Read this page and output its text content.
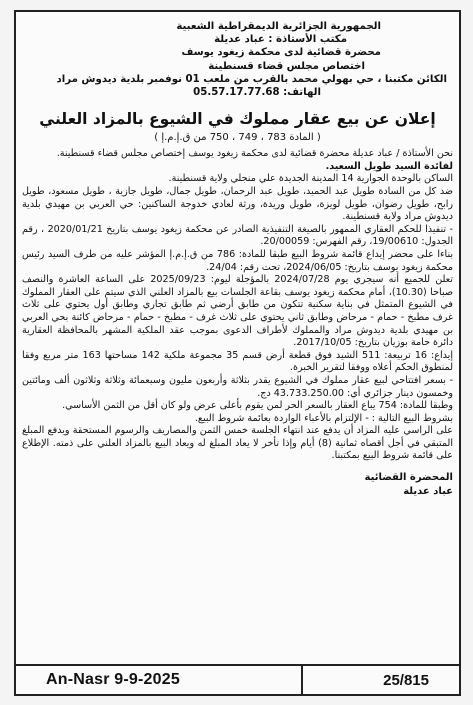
الجمهورية الجزائرية الديمقراطية الشعبية
مكتب الأستاذة : عباد عديلة
محضرة قضائية لدى محكمة زيغود يوسف
اختصاص مجلس قضاء قسنطينة
الكائن مكتبنا ، حي بهولي محمد بالقرب من ملعب 01 نوفمبر بلدية ديدوش مراد
الهاتف: 05.57.17.77.68
إعلان عن بيع عقار مملوك في الشيوع بالمزاد العلني
( المادة 783 ، 749 ، 750 من ق.إ.م.إ )

نحن الأستاذة / عباد عديلة محضرة قضائية لدى محكمة زيغود يوسف إختصاص مجلس قضاء قسنطينة.

لفائدة السيد طويل السعيد.

الساكن بالوحدة الجوارية 14 المدينة الجديدة علي منجلي ولاية قسنطينة.

ضد كل من السادة طويل عبد الحميد، طويل عبد الرحمان، طويل جمال، طويل جازية ، طويل مسعود، طويل رابح، طويل رضوان، طويل لويزة، طويل وريدة، ورثة لعادي خدوجة الساكنين: حي العربي بن مهيدي بلدية ديدوش مراد ولاية قسنطينة.

- تنفيذا للحكم العقاري الممهور بالصيغة التنفيذية الصادر عن محكمة زيغود يوسف بتاريخ 2020/01/21 ، رقم الجدول: 19/00610، رقم الفهرس: 20/00059.

بناءا على محضر إيداع قائمة شروط البيع طبقا للمادة: 786 من ق.إ.م.إ المؤشر عليه من طرف السيد رئيس محكمة زيغود يوسف بتاريخ: 2024/06/05، تحت رقم: 24/04.

تعلن للجميع أنه سيجري يوم 2024/07/28 بالمؤجلة ليوم: 2025/09/23 على الساعة العاشرة والنصف صباحا (10.30)، أمام محكمة زيغود يوسف بقاعة الجلسات بيع بالمزاد العلني الذي سيتم على العقار المملوك في الشيوع المتمثل في بناية سكنية تتكون من طابق أرضي ثم طابق تجاري وطابق أول يحتوي على ثلاث غرف مطبخ - حمام - مرحاض وطابق ثاني يحتوي على ثلاث غرف - مطبخ - حمام - مرحاض كائنة بحي العربي بن مهيدي بلدية ديدوش مراد والمملوك لأطراف الدعوى بموجب عقد الملكية المشهر بالمحافظة العقارية دائرة حامة بوزيان بتاريخ: 2017/10/05.

إيداع: 16 تربيعة: 511 الشيد فوق قطعة أرض قسم 35 مجموعة ملكية 142 مساحتها 163 متر مربع وفقا لمنطوق الحكم أعلاه ووفقا لتقرير الخبرة.

- بسعر افتتاحي لبيع عقار مملوك في الشيوع يقدر بثلاثة وأربعون مليون وسبعمائة وثلاثة وثلاثون ألف ومائتين وخمسون دينار جزائري أي: 43.733.250.00 دج.

وطبقا للمادة: 754 يباع العقار بالسعر الحر لمن يقوم بأعلى عرض ولو كان أقل من الثمن الأساسي.

بشروط البيع التالية : - الإلتزام بالأعباء الواردة بعائمة شروط البيع.

على الراسي عليه المزاد أن يدفع عند انتهاء الجلسة خمس الثمن والمصاريف والرسوم المستحقة ويدفع المبلغ المتبقي في أجل أقصاه ثمانية (8) أيام وإذا تأخر لا يعاد المبلغ له ويعاد البيع بالمزاد العلني على ذمته. الإطلاع على قائمة شروط البيع بمكتبنا.

المحضرة القضائية
عباد عديلة
An-Nasr 9-9-2025	25/815
